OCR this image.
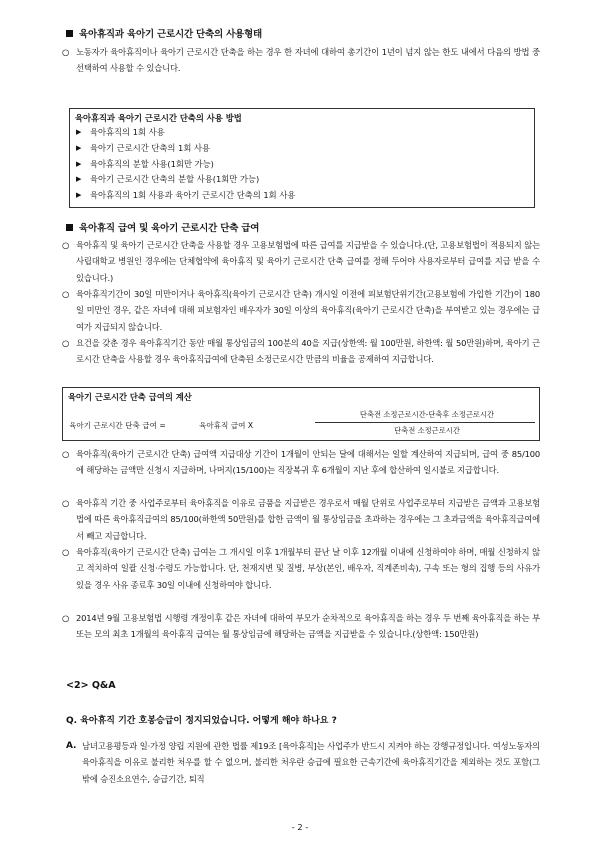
육아휴직과 육아기 근로시간 단축의 사용형태
○ 노동자가 육아휴직이나 육아기 근로시간 단축을 하는 경우 한 자녀에 대하여 총기간이 1년이 넘지 않는 한도 내에서 다음의 방법 중 선택하여 사용할 수 있습니다.
육아휴직과 육아기 근로시간 단축의 사용 방법
▶ 육아휴직의 1회 사용
▶ 육아기 근로시간 단축의 1회 사용
▶ 육아휴직의 분할 사용(1회만 가능)
▶ 육아기 근로시간 단축의 분할 사용(1회만 가능)
▶ 육아휴직의 1회 사용과 육아기 근로시간 단축의 1회 사용
육아휴직 급여 및 육아기 근로시간 단축 급여
○ 육아휴직 및 육아기 근로시간 단축을 사용할 경우 고용보험법에 따른 급여를 지급받을 수 있습니다.(단, 고용보험법이 적용되지 않는 사립대학교 병원인 경우에는 단체협약에 육아휴직 및 육아기 근로시간 단축 급여를 정해 두어야 사용자로부터 급여를 지급 받을 수 있습니다.)
○ 육아휴직기간이 30일 미만이거나 육아휴직(육아기 근로시간 단축) 개시일 이전에 피보험단위기간(고용보험에 가입한 기간)이 180일 미만인 경우, 같은 자녀에 대해 피보험자인 배우자가 30일 이상의 육아휴직(육아기 근로시간 단축)을 부여받고 있는 경우에는 급여가 지급되지 않습니다.
○ 요건을 갖춘 경우 육아휴직기간 동안 매월 통상임금의 100분의 40을 지급(상한액: 월 100만원, 하한액: 월 50만원)하며, 육아기 근로시간 단축을 사용할 경우 육아휴직급여에 단축된 소정근로시간 만큼의 비율을 공제하여 지급합니다.
육아기 근로시간 단축 급여의 계산
육아기 근로시간 단축 급여 =	육아휴직 급여 X
단축전 소정근로시간-단축후 소정근로시간
단축전 소정근로시간
○ 육아휴직(육아기 근로시간 단축) 급여액 지급대상 기간이 1개월이 안되는 달에 대해서는 일할 계산하여 지급되며, 급여 중 85/100에 해당하는 금액만 신청시 지급하며, 나머지(15/100)는 직장복귀 후 6개월이 지난 후에 합산하여 일시불로 지급합니다.
○ 육아휴직 기간 중 사업주로부터 육아휴직을 이유로 금품을 지급받은 경우로서 매월 단위로 사업주로부터 지급받은 금액과 고용보험법에 따른 육아휴직급여의 85/100(하한액 50만원)를 합한 금액이 월 통상임금을 초과하는 경우에는 그 초과금액을 육아휴직급여에서 빼고 지급합니다.
○ 육아휴직(육아기 근로시간 단축) 급여는 그 개시일 이후 1개월부터 끝난 날 이후 12개월 이내에 신청하여야 하며, 매월 신청하지 않고 적치하여 일괄 신청·수령도 가능합니다. 단, 천재지변 및 질병, 부상(본인, 배우자, 직계존비속), 구속 또는 형의 집행 등의 사유가 있을 경우 사유 종료후 30일 이내에 신청하여야 합니다.
○ 2014년 9월 고용보험법 시행령 개정이후 같은 자녀에 대하여 부모가 순차적으로 육아휴직을 하는 경우 두 번째 육아휴직을 하는 부 또는 모의 최초 1개월의 육아휴직 급여는 월 통상임금에 해당하는 금액을 지급받을 수 있습니다.(상한액: 150만원)
<2> Q&A
Q. 육아휴직 기간 호봉승급이 정지되었습니다. 어떻게 해야 하나요 ?
A. 남녀고용평등과 일·가정 양립 지원에 관한 법률 제19조 [육아휴직]는 사업주가 반드시 지켜야 하는 강행규정입니다. 여성노동자의 육아휴직을 이유로 불리한 처우를 할 수 없으며, 불리한 처우란 승급에 필요한 근속기간에 육아휴직기간을 제외하는 것도 포함(그밖에 승진소요연수, 승급기간, 퇴직
- 2 -
